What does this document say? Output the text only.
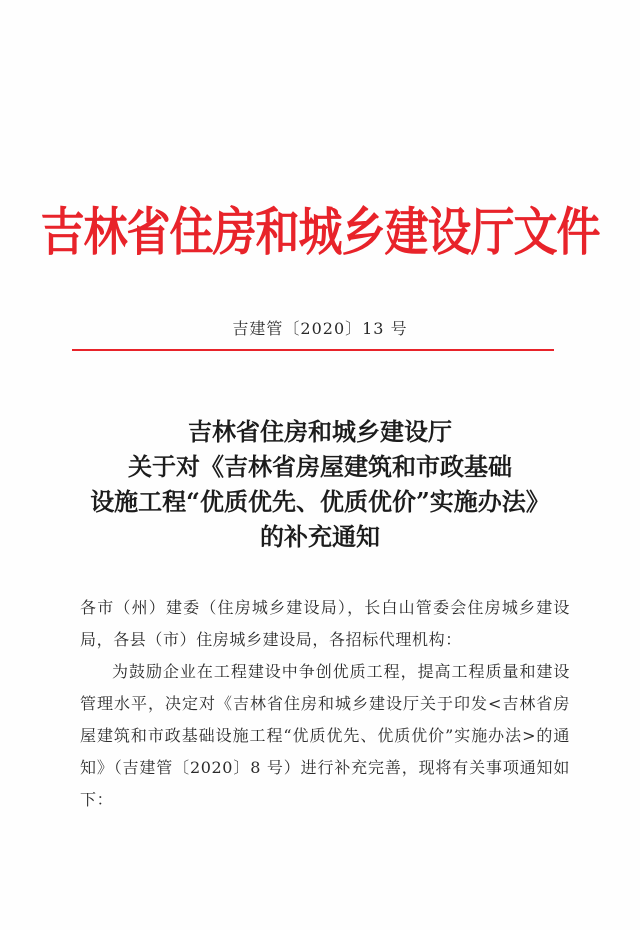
吉林省住房和城乡建设厅文件
吉建管〔2020〕13 号
吉林省住房和城乡建设厅
关于对《吉林省房屋建筑和市政基础
设施工程“优质优先、优质优价”实施办法》
的补充通知

各市（州）建委（住房城乡建设局），长白山管委会住房城乡建设局，各县（市）住房城乡建设局，各招标代理机构：

为鼓励企业在工程建设中争创优质工程，提高工程质量和建设管理水平，决定对《吉林省住房和城乡建设厅关于印发<吉林省房屋建筑和市政基础设施工程“优质优先、优质优价”实施办法>的通知》（吉建管〔2020〕8 号）进行补充完善，现将有关事项通知如下：
